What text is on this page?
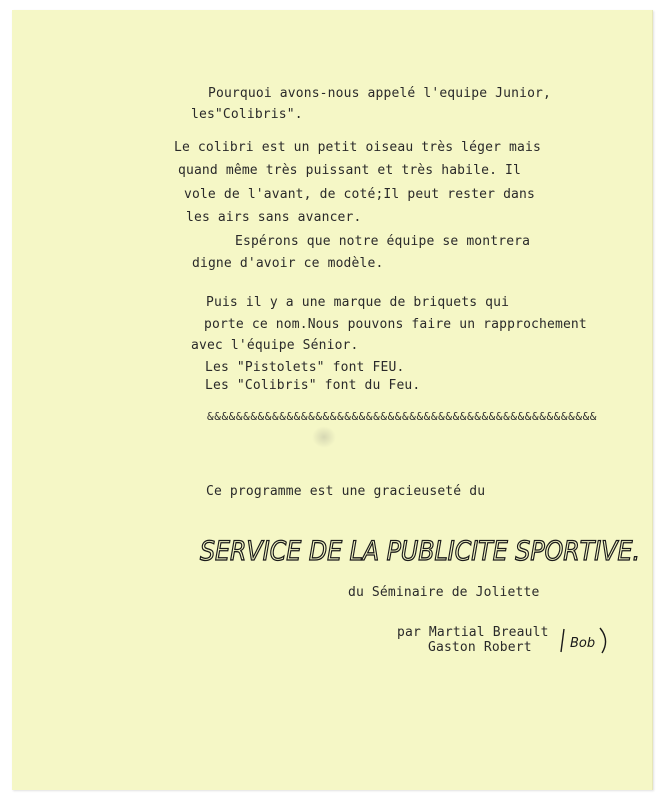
Pourquoi avons-nous appelé l'equipe Junior,
les"Colibris".
Le colibri est un petit oiseau très léger mais
quand même très puissant et très habile. Il
vole de l'avant, de coté;Il peut rester dans
les airs sans avancer.
Espérons que notre équipe se montrera
digne d'avoir ce modèle.
Puis il y a une marque de briquets qui
porte ce nom.Nous pouvons faire un rapprochement
avec l'équipe Sénior.
Les "Pistolets" font FEU.
Les "Colibris" font du Feu.
&&&&&&&&&&&&&&&&&&&&&&&&&&&&&&&&&&&&&&&&&&&&&&&&&&&&&&
Ce programme est une gracieuseté du
SERVICE DE LA PUBLICITE SPORTIVE.
du Séminaire de Joliette
par Martial Breault
Gaston Robert	Bob
